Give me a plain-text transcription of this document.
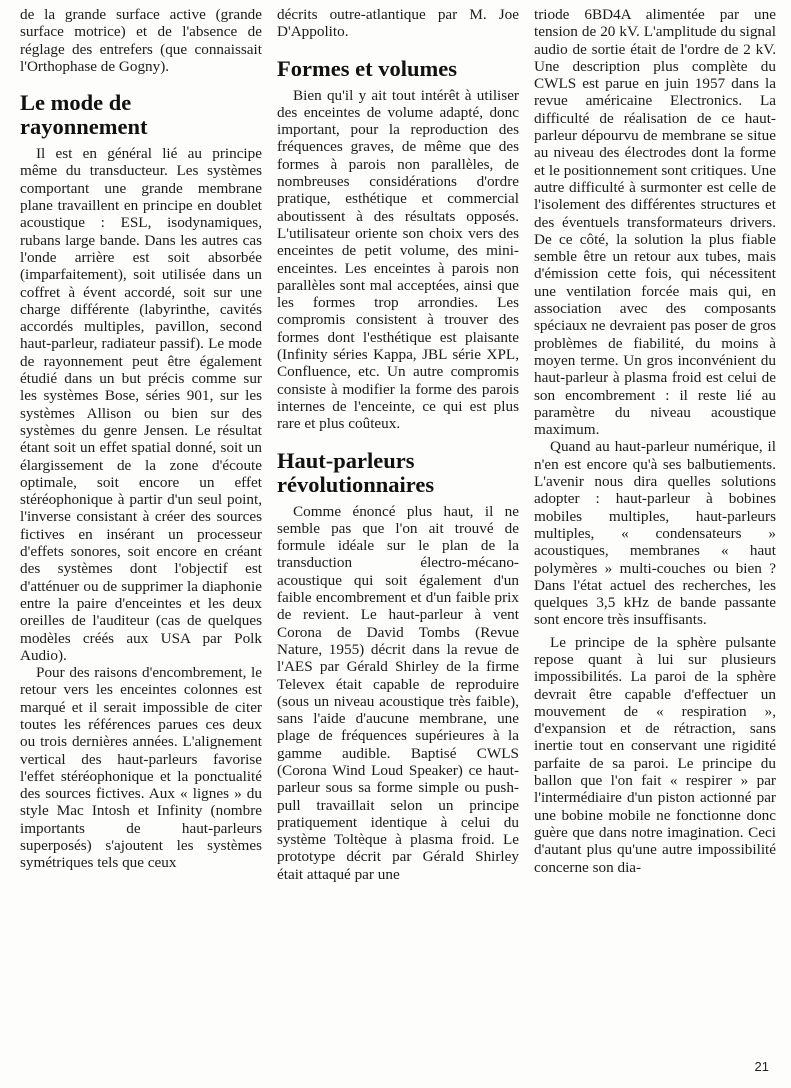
de la grande surface active (grande surface motrice) et de l'absence de réglage des entrefers (que connaissait l'Orthophase de Gogny).

Le mode de rayonnement

Il est en général lié au principe même du transducteur. Les systèmes comportant une grande membrane plane travaillent en principe en doublet acoustique : ESL, isodynamiques, rubans large bande. Dans les autres cas l'onde arrière est soit absorbée (imparfaitement), soit utilisée dans un coffret à évent accordé, soit sur une charge différente (labyrinthe, cavités accordés multiples, pavillon, second haut-parleur, radiateur passif). Le mode de rayonnement peut être également étudié dans un but précis comme sur les systèmes Bose, séries 901, sur les systèmes Allison ou bien sur des systèmes du genre Jensen. Le résultat étant soit un effet spatial donné, soit un élargissement de la zone d'écoute optimale, soit encore un effet stéréophonique à partir d'un seul point, l'inverse consistant à créer des sources fictives en insérant un processeur d'effets sonores, soit encore en créant des systèmes dont l'objectif est d'atténuer ou de supprimer la diaphonie entre la paire d'enceintes et les deux oreilles de l'auditeur (cas de quelques modèles créés aux USA par Polk Audio).

Pour des raisons d'encombrement, le retour vers les enceintes colonnes est marqué et il serait impossible de citer toutes les références parues ces deux ou trois dernières années. L'alignement vertical des haut-parleurs favorise l'effet stéréophonique et la ponctualité des sources fictives. Aux « lignes » du style Mac Intosh et Infinity (nombre importants de haut-parleurs superposés) s'ajoutent les systèmes symétriques tels que ceux

décrits outre-atlantique par M. Joe D'Appolito.

Formes et volumes

Bien qu'il y ait tout intérêt à utiliser des enceintes de volume adapté, donc important, pour la reproduction des fréquences graves, de même que des formes à parois non parallèles, de nombreuses considérations d'ordre pratique, esthétique et commercial aboutissent à des résultats opposés. L'utilisateur oriente son choix vers des enceintes de petit volume, des mini-enceintes. Les enceintes à parois non parallèles sont mal acceptées, ainsi que les formes trop arrondies. Les compromis consistent à trouver des formes dont l'esthétique est plaisante (Infinity séries Kappa, JBL série XPL, Confluence, etc. Un autre compromis consiste à modifier la forme des parois internes de l'enceinte, ce qui est plus rare et plus coûteux.

Haut-parleurs révolutionnaires

Comme énoncé plus haut, il ne semble pas que l'on ait trouvé de formule idéale sur le plan de la transduction électro-mécano-acoustique qui soit également d'un faible encombrement et d'un faible prix de revient. Le haut-parleur à vent Corona de David Tombs (Revue Nature, 1955) décrit dans la revue de l'AES par Gérald Shirley de la firme Televex était capable de reproduire (sous un niveau acoustique très faible), sans l'aide d'aucune membrane, une plage de fréquences supérieures à la gamme audible. Baptisé CWLS (Corona Wind Loud Speaker) ce haut-parleur sous sa forme simple ou push-pull travaillait selon un principe pratiquement identique à celui du système Toltèque à plasma froid. Le prototype décrit par Gérald Shirley était attaqué par une

triode 6BD4A alimentée par une tension de 20 kV. L'amplitude du signal audio de sortie était de l'ordre de 2 kV. Une description plus complète du CWLS est parue en juin 1957 dans la revue américaine Electronics. La difficulté de réalisation de ce haut-parleur dépourvu de membrane se situe au niveau des électrodes dont la forme et le positionnement sont critiques. Une autre difficulté à surmonter est celle de l'isolement des différentes structures et des éventuels transformateurs drivers. De ce côté, la solution la plus fiable semble être un retour aux tubes, mais d'émission cette fois, qui nécessitent une ventilation forcée mais qui, en association avec des composants spéciaux ne devraient pas poser de gros problèmes de fiabilité, du moins à moyen terme. Un gros inconvénient du haut-parleur à plasma froid est celui de son encombrement : il reste lié au paramètre du niveau acoustique maximum.

Quand au haut-parleur numérique, il n'en est encore qu'à ses balbutiements. L'avenir nous dira quelles solutions adopter : haut-parleur à bobines mobiles multiples, haut-parleurs multiples, « condensateurs » acoustiques, membranes « haut polymères » multi-couches ou bien ? Dans l'état actuel des recherches, les quelques 3,5 kHz de bande passante sont encore très insuffisants.

Le principe de la sphère pulsante repose quant à lui sur plusieurs impossibilités. La paroi de la sphère devrait être capable d'effectuer un mouvement de « respiration », d'expansion et de rétraction, sans inertie tout en conservant une rigidité parfaite de sa paroi. Le principe du ballon que l'on fait « respirer » par l'intermédiaire d'un piston actionné par une bobine mobile ne fonctionne donc guère que dans notre imagination. Ceci d'autant plus qu'une autre impossibilité concerne son dia-

21
